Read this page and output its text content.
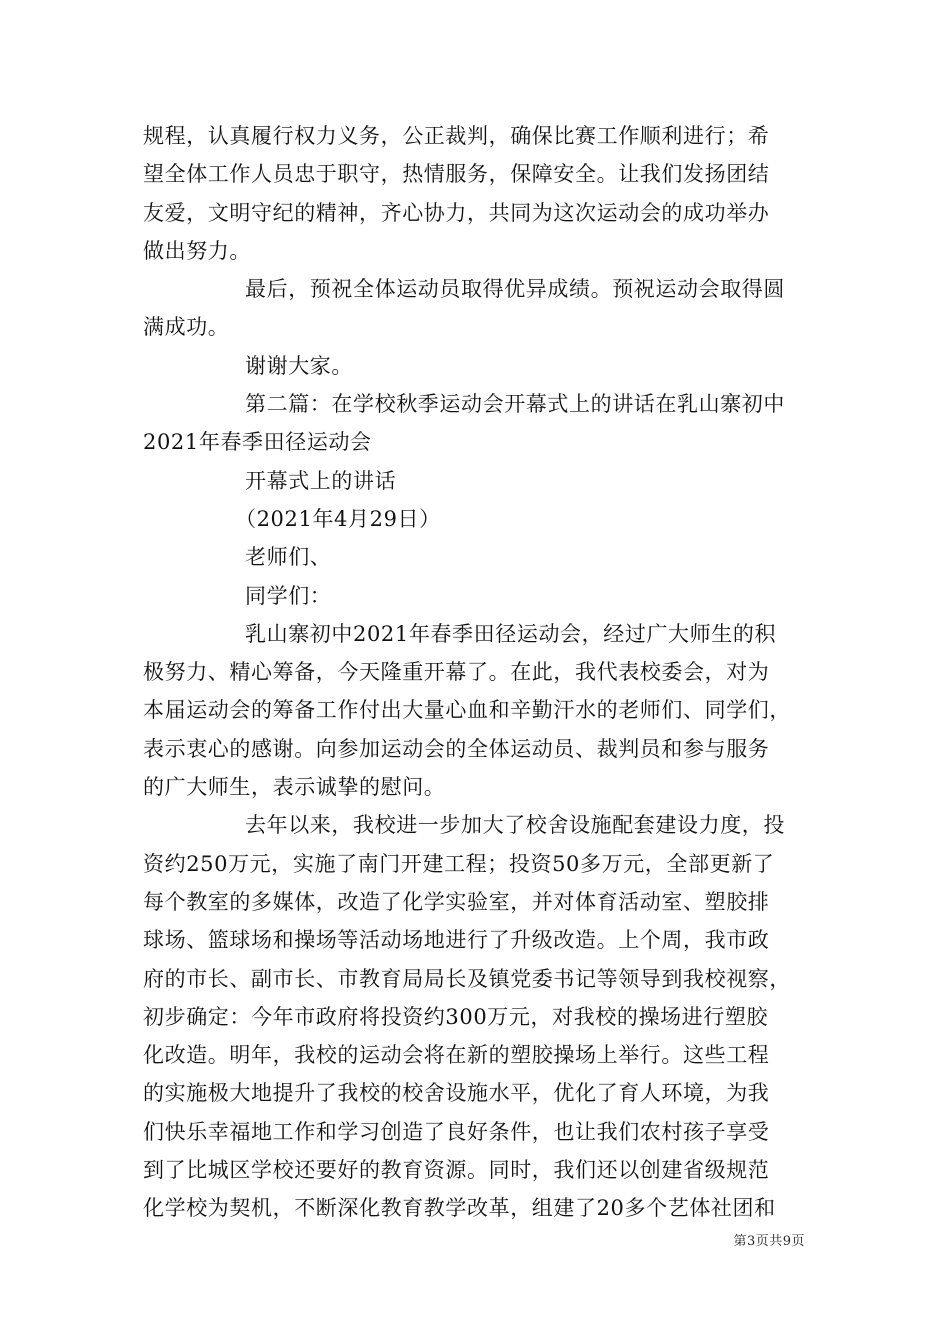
规程，认真履行权力义务，公正裁判，确保比赛工作顺利进行；希
望全体工作人员忠于职守，热情服务，保障安全。让我们发扬团结
友爱，文明守纪的精神，齐心协力，共同为这次运动会的成功举办
做出努力。
最后，预祝全体运动员取得优异成绩。预祝运动会取得圆
满成功。
谢谢大家。
第二篇：在学校秋季运动会开幕式上的讲话在乳山寨初中
2021年春季田径运动会
开幕式上的讲话
（2021年4月29日）
老师们、
同学们：
乳山寨初中2021年春季田径运动会，经过广大师生的积
极努力、精心筹备，今天隆重开幕了。在此，我代表校委会，对为
本届运动会的筹备工作付出大量心血和辛勤汗水的老师们、同学们，
表示衷心的感谢。向参加运动会的全体运动员、裁判员和参与服务
的广大师生，表示诚挚的慰问。
去年以来，我校进一步加大了校舍设施配套建设力度，投
资约250万元，实施了南门开建工程；投资50多万元，全部更新了
每个教室的多媒体，改造了化学实验室，并对体育活动室、塑胶排
球场、篮球场和操场等活动场地进行了升级改造。上个周，我市政
府的市长、副市长、市教育局局长及镇党委书记等领导到我校视察，
初步确定：今年市政府将投资约300万元，对我校的操场进行塑胶
化改造。明年，我校的运动会将在新的塑胶操场上举行。这些工程
的实施极大地提升了我校的校舍设施水平，优化了育人环境，为我
们快乐幸福地工作和学习创造了良好条件，也让我们农村孩子享受
到了比城区学校还要好的教育资源。同时，我们还以创建省级规范
化学校为契机，不断深化教育教学改革，组建了20多个艺体社团和
第3页共9页
